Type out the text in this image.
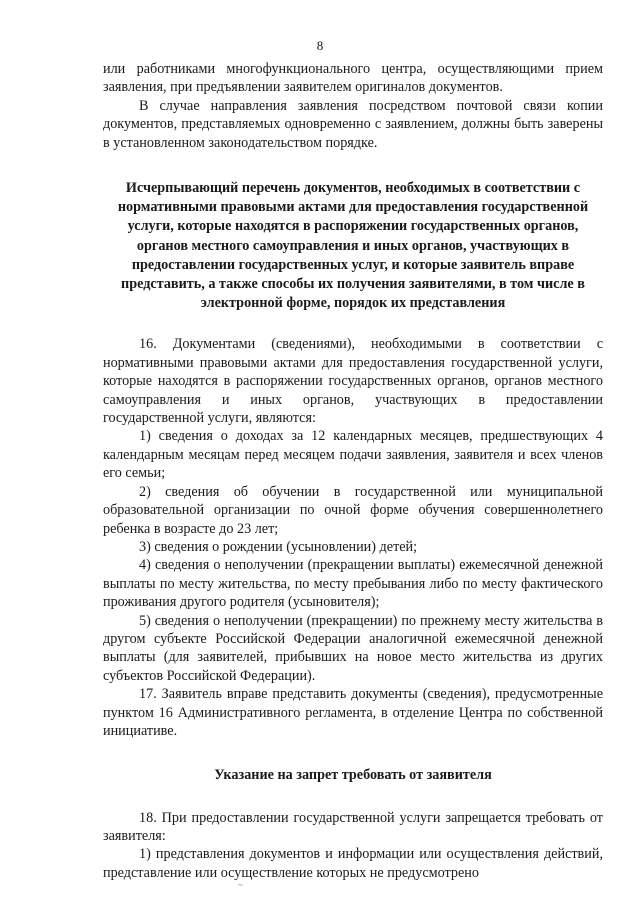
8

или работниками многофункционального центра, осуществляющими прием заявления, при предъявлении заявителем оригиналов документов.

В случае направления заявления посредством почтовой связи копии документов, представляемых одновременно с заявлением, должны быть заверены в установленном законодательством порядке.

Исчерпывающий перечень документов, необходимых в соответствии с нормативными правовыми актами для предоставления государственной услуги, которые находятся в распоряжении государственных органов, органов местного самоуправления и иных органов, участвующих в предоставлении государственных услуг, и которые заявитель вправе представить, а также способы их получения заявителями, в том числе в электронной форме, порядок их представления

16. Документами (сведениями), необходимыми в соответствии с нормативными правовыми актами для предоставления государственной услуги, которые находятся в распоряжении государственных органов, органов местного самоуправления и иных органов, участвующих в предоставлении государственной услуги, являются:

1) сведения о доходах за 12 календарных месяцев, предшествующих 4 календарным месяцам перед месяцем подачи заявления, заявителя и всех членов его семьи;

2) сведения об обучении в государственной или муниципальной образовательной организации по очной форме обучения совершеннолетнего ребенка в возрасте до 23 лет;

3) сведения о рождении (усыновлении) детей;

4) сведения о неполучении (прекращении выплаты) ежемесячной денежной выплаты по месту жительства, по месту пребывания либо по месту фактического проживания другого родителя (усыновителя);

5) сведения о неполучении (прекращении) по прежнему месту жительства в другом субъекте Российской Федерации аналогичной ежемесячной денежной выплаты (для заявителей, прибывших на новое место жительства из других субъектов Российской Федерации).

17. Заявитель вправе представить документы (сведения), предусмотренные пунктом 16 Административного регламента, в отделение Центра по собственной инициативе.

Указание на запрет требовать от заявителя

18. При предоставлении государственной услуги запрещается требовать от заявителя:

1) представления документов и информации или осуществления действий, представление или осуществление которых не предусмотрено

~
